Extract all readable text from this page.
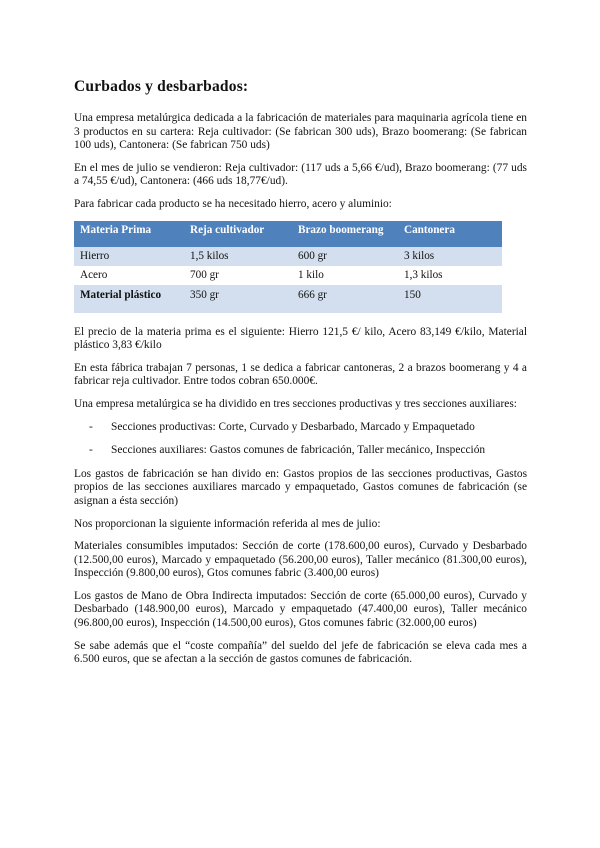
Curbados y desbarbados:

Una empresa metalúrgica dedicada a la fabricación de materiales para maquinaria agrícola tiene en 3 productos en su cartera: Reja cultivador: (Se fabrican 300 uds), Brazo boomerang: (Se fabrican 100 uds), Cantonera: (Se fabrican 750 uds)

En el mes de julio se vendieron: Reja cultivador: (117 uds a 5,66 €/ud), Brazo boomerang: (77 uds a 74,55 €/ud), Cantonera: (466 uds 18,77€/ud).

Para fabricar cada producto se ha necesitado hierro, acero y aluminio:

Materia Prima	Reja cultivador	Brazo boomerang	Cantonera
Hierro	1,5 kilos	600 gr	3 kilos
Acero	700 gr	1 kilo	1,3 kilos
Material plástico	350 gr	666 gr	150

El precio de la materia prima es el siguiente: Hierro 121,5 €/ kilo, Acero 83,149 €/kilo, Material plástico 3,83 €/kilo

En esta fábrica trabajan 7 personas, 1 se dedica a fabricar cantoneras, 2 a brazos boomerang y 4 a fabricar reja cultivador. Entre todos cobran 650.000€.

Una empresa metalúrgica se ha dividido en tres secciones productivas y tres secciones auxiliares:

-	Secciones productivas: Corte, Curvado y Desbarbado, Marcado y Empaquetado
-	Secciones auxiliares: Gastos comunes de fabricación, Taller mecánico, Inspección

Los gastos de fabricación se han divido en: Gastos propios de las secciones productivas, Gastos propios de las secciones auxiliares marcado y empaquetado, Gastos comunes de fabricación (se asignan a ésta sección)

Nos proporcionan la siguiente información referida al mes de julio:

Materiales consumibles imputados: Sección de corte (178.600,00 euros), Curvado y Desbarbado (12.500,00 euros), Marcado y empaquetado (56.200,00 euros), Taller mecánico (81.300,00 euros), Inspección (9.800,00 euros), Gtos comunes fabric (3.400,00 euros)

Los gastos de Mano de Obra Indirecta imputados: Sección de corte (65.000,00 euros), Curvado y Desbarbado (148.900,00 euros), Marcado y empaquetado (47.400,00 euros), Taller mecánico (96.800,00 euros), Inspección (14.500,00 euros), Gtos comunes fabric (32.000,00 euros)

Se sabe además que el “coste compañía” del sueldo del jefe de fabricación se eleva cada mes a 6.500 euros, que se afectan a la sección de gastos comunes de fabricación.
